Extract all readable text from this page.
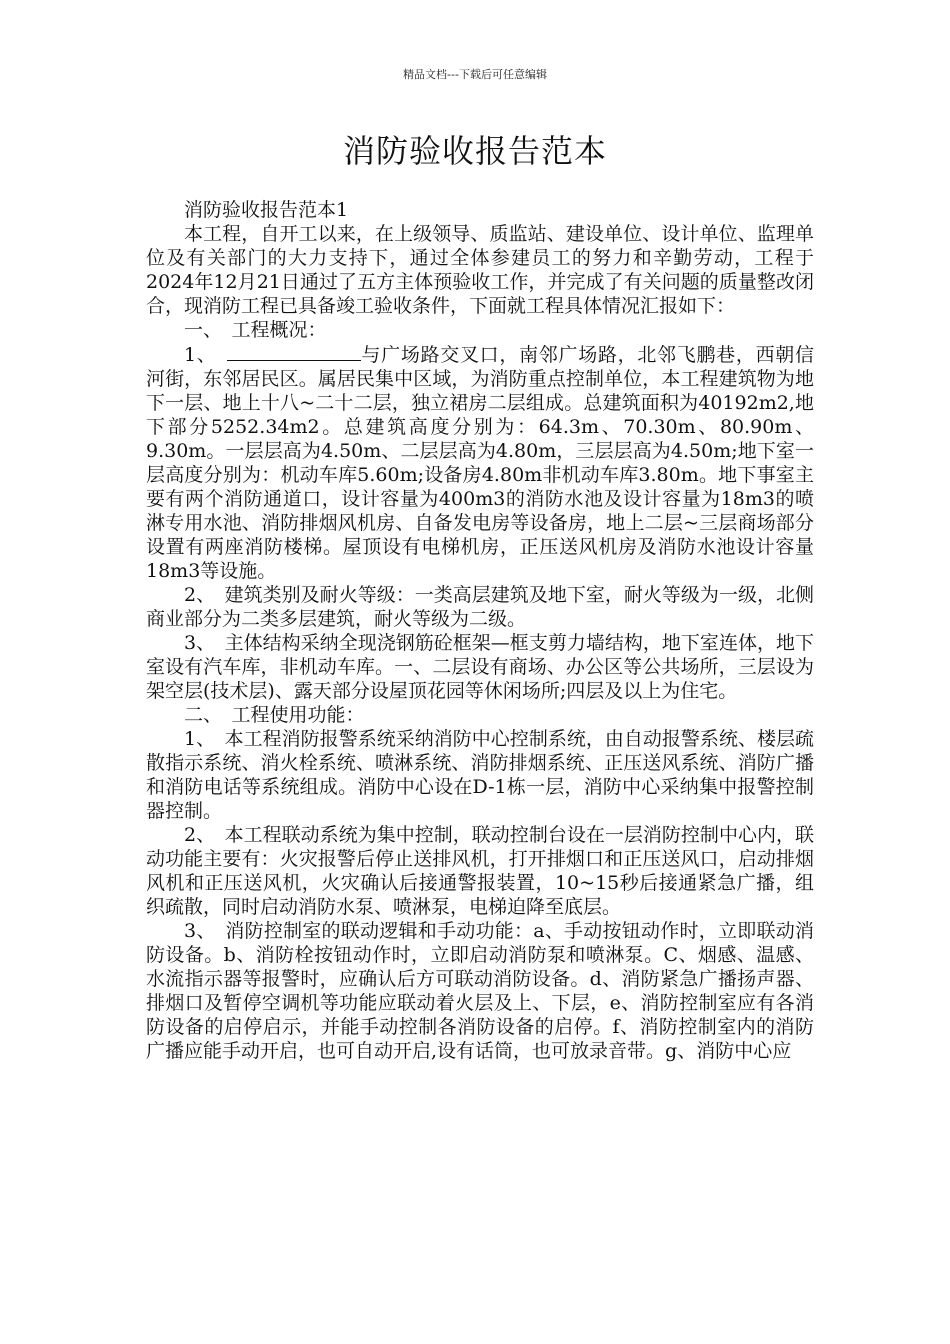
精品文档---下载后可任意编辑
消防验收报告范本

消防验收报告范本1

本工程，自开工以来，在上级领导、质监站、建设单位、设计单位、监理单位及有关部门的大力支持下，通过全体参建员工的努力和辛勤劳动，工程于2024年12月21日通过了五方主体预验收工作，并完成了有关问题的质量整改闭合，现消防工程已具备竣工验收条件，下面就工程具体情况汇报如下：

一、　工程概况：

1、　	与广场路交叉口，南邻广场路，北邻飞鹏巷，西朝信河街，东邻居民区。属居民集中区域，为消防重点控制单位，本工程建筑物为地下一层、地上十八~二十二层，独立裙房二层组成。总建筑面积为40192m2,地下部分5252.34m2。总建筑高度分别为：64.3m、70.30m、80.90m、9.30m。一层层高为4.50m、二层层高为4.80m，三层层高为4.50m;地下室一层高度分别为：机动车库5.60m;设备房4.80m非机动车库3.80m。地下事室主要有两个消防通道口，设计容量为400m3的消防水池及设计容量为18m3的喷淋专用水池、消防排烟风机房、自备发电房等设备房，地上二层~三层商场部分设置有两座消防楼梯。屋顶设有电梯机房，正压送风机房及消防水池设计容量18m3等设施。

2、　建筑类别及耐火等级：一类高层建筑及地下室，耐火等级为一级，北侧商业部分为二类多层建筑，耐火等级为二级。

3、　主体结构采纳全现浇钢筋砼框架—框支剪力墙结构，地下室连体，地下室设有汽车库，非机动车库。一、二层设有商场、办公区等公共场所，三层设为架空层(技术层)、露天部分设屋顶花园等休闲场所;四层及以上为住宅。

二、　工程使用功能：

1、　本工程消防报警系统采纳消防中心控制系统，由自动报警系统、楼层疏散指示系统、消火栓系统、喷淋系统、消防排烟系统、正压送风系统、消防广播和消防电话等系统组成。消防中心设在D-1栋一层，消防中心采纳集中报警控制器控制。

2、　本工程联动系统为集中控制，联动控制台设在一层消防控制中心内，联动功能主要有：火灾报警后停止送排风机，打开排烟口和正压送风口，启动排烟风机和正压送风机，火灾确认后接通警报装置，10~15秒后接通紧急广播，组织疏散，同时启动消防水泵、喷淋泵，电梯迫降至底层。

3、　消防控制室的联动逻辑和手动功能：a、手动按钮动作时，立即联动消防设备。b、消防栓按钮动作时，立即启动消防泵和喷淋泵。C、烟感、温感、水流指示器等报警时，应确认后方可联动消防设备。d、消防紧急广播扬声器、排烟口及暂停空调机等功能应联动着火层及上、下层，e、消防控制室应有各消防设备的启停启示，并能手动控制各消防设备的启停。f、消防控制室内的消防广播应能手动开启，也可自动开启,设有话筒，也可放录音带。g、消防中心应
